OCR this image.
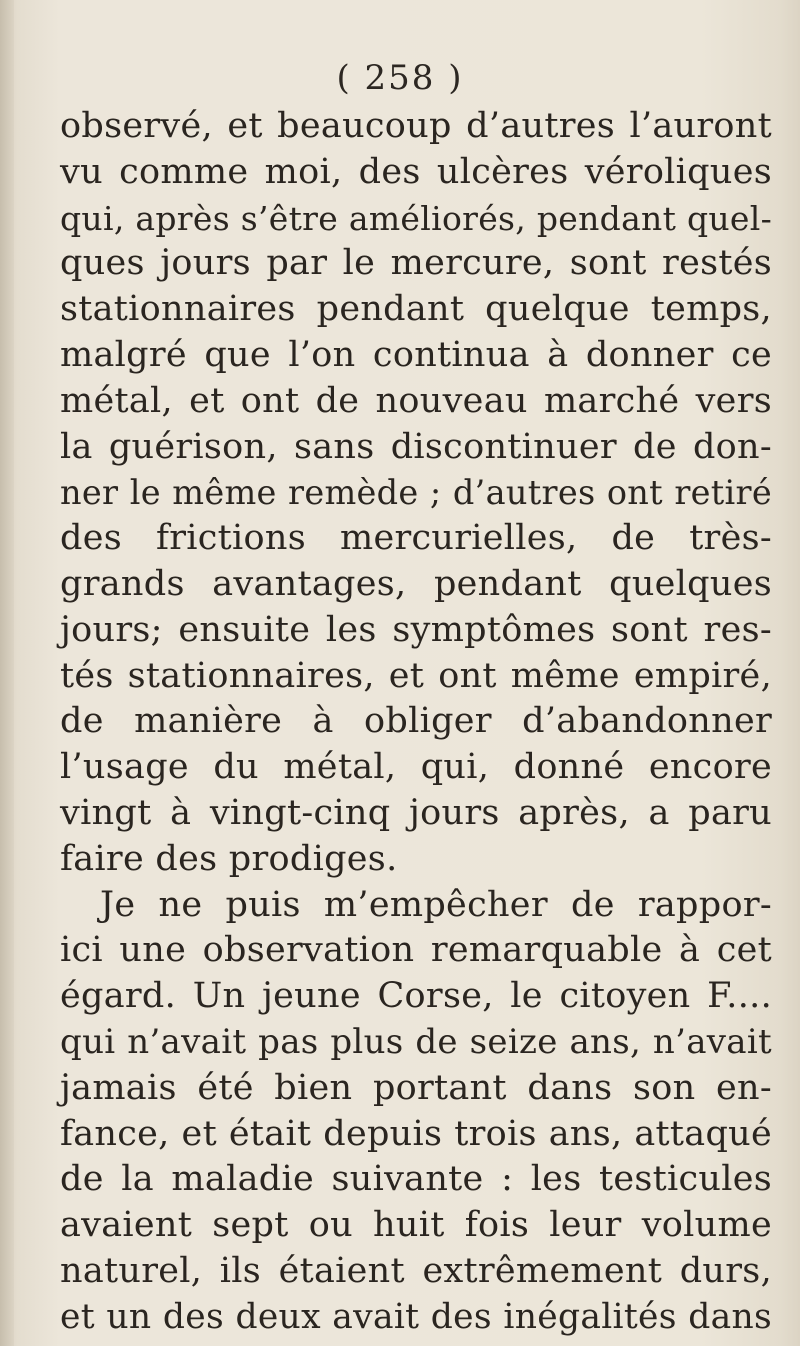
( 258 )
observé, et beaucoup d’autres l’auront
vu comme moi, des ulcères véroliques
qui, après s’être améliorés, pendant quel-
ques jours par le mercure, sont restés
stationnaires pendant quelque temps,
malgré que l’on continua à donner ce
métal, et ont de nouveau marché vers
la guérison, sans discontinuer de don-
ner le même remède ; d’autres ont retiré
des frictions mercurielles, de très-
grands avantages, pendant quelques
jours; ensuite les symptômes sont res-
tés stationnaires, et ont même empiré,
de manière à obliger d’abandonner
l’usage du métal, qui, donné encore
vingt à vingt-cinq jours après, a paru
faire des prodiges.
Je ne puis m’empêcher de rappor-
ici une observation remarquable à cet
égard. Un jeune Corse, le citoyen F....
qui n’avait pas plus de seize ans, n’avait
jamais été bien portant dans son en-
fance, et était depuis trois ans, attaqué
de la maladie suivante : les testicules
avaient sept ou huit fois leur volume
naturel, ils étaient extrêmement durs,
et un des deux avait des inégalités dans
